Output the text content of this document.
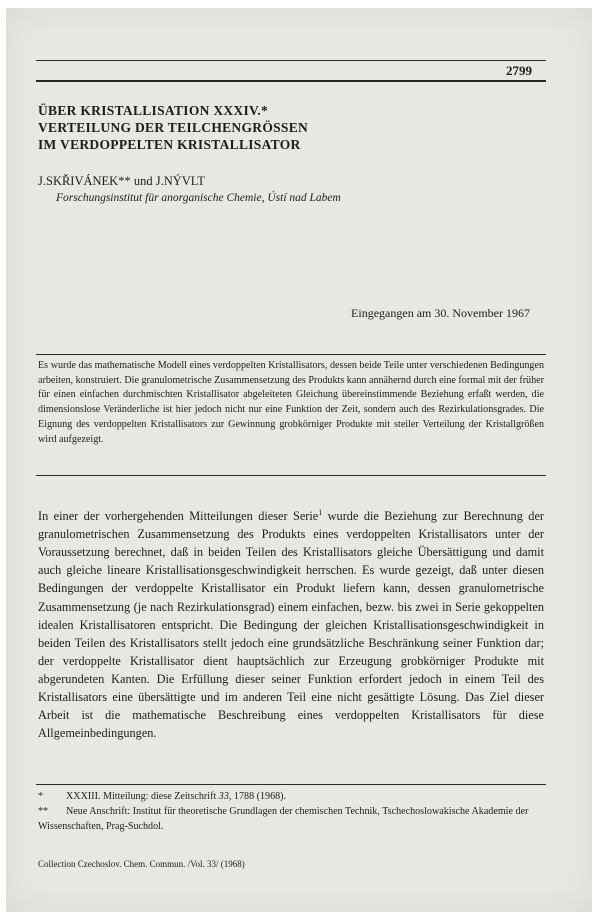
2799
ÜBER KRISTALLISATION XXXIV.*
VERTEILUNG DER TEILCHENGRÖSSEN
IM VERDOPPELTEN KRISTALLISATOR
J.SKŘIVÁNEK** und J.NÝVLT
Forschungsinstitut für anorganische Chemie, Ústí nad Labem
Eingegangen am 30. November 1967
Es wurde das mathematische Modell eines verdoppelten Kristallisators, dessen beide Teile unter verschiedenen Bedingungen arbeiten, konstruiert. Die granulometrische Zusammensetzung des Produkts kann annähernd durch eine formal mit der früher für einen einfachen durchmischten Kristallisator abgeleiteten Gleichung übereinstimmende Beziehung erfaßt werden, die dimensionslose Veränderliche ist hier jedoch nicht nur eine Funktion der Zeit, sondern auch des Rezirkulationsgrades. Die Eignung des verdoppelten Kristallisators zur Gewinnung grobkörniger Produkte mit steiler Verteilung der Kristallgrößen wird aufgezeigt.
In einer der vorhergehenden Mitteilungen dieser Serie$^1$ wurde die Beziehung zur Berechnung der granulometrischen Zusammensetzung des Produkts eines verdoppelten Kristallisators unter der Voraussetzung berechnet, daß in beiden Teilen des Kristallisators gleiche Übersättigung und damit auch gleiche lineare Kristallisationsgeschwindigkeit herrschen. Es wurde gezeigt, daß unter diesen Bedingungen der verdoppelte Kristallisator ein Produkt liefern kann, dessen granulometrische Zusammensetzung (je nach Rezirkulationsgrad) einem einfachen, bezw. bis zwei in Serie gekoppelten idealen Kristallisatoren entspricht. Die Bedingung der gleichen Kristallisationsgeschwindigkeit in beiden Teilen des Kristallisators stellt jedoch eine grundsätzliche Beschränkung seiner Funktion dar; der verdoppelte Kristallisator dient hauptsächlich zur Erzeugung grobkörniger Produkte mit abgerundeten Kanten. Die Erfüllung dieser seiner Funktion erfordert jedoch in einem Teil des Kristallisators eine übersättigte und im anderen Teil eine nicht gesättigte Lösung. Das Ziel dieser Arbeit ist die mathematische Beschreibung eines verdoppelten Kristallisators für diese Allgemeinbedingungen.
* XXXIII. Mitteilung: diese Zeitschrift 33, 1788 (1968).
** Neue Anschrift: Institut für theoretische Grundlagen der chemischen Technik, Tschechoslowakische Akademie der Wissenschaften, Prag-Suchdol.
Collection Czechoslov. Chem. Commun. /Vol. 33/ (1968)
